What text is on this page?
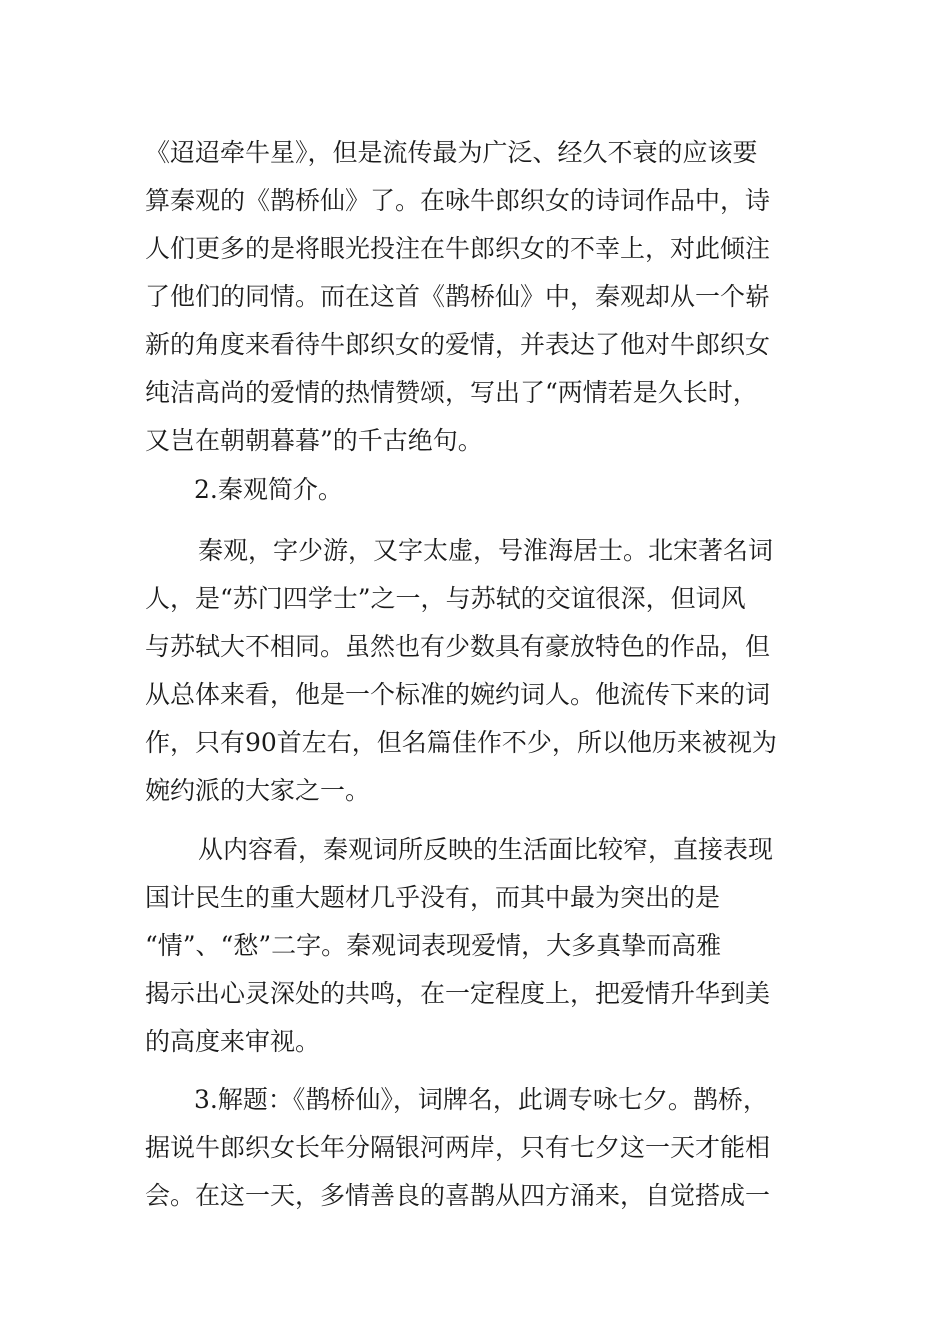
《迢迢牵牛星》，但是流传最为广泛、经久不衰的应该要
算秦观的《鹊桥仙》了。在咏牛郎织女的诗词作品中，诗
人们更多的是将眼光投注在牛郎织女的不幸上，对此倾注
了他们的同情。而在这首《鹊桥仙》中，秦观却从一个崭
新的角度来看待牛郎织女的爱情，并表达了他对牛郎织女
纯洁高尚的爱情的热情赞颂，写出了“两情若是久长时，
又岂在朝朝暮暮”的千古绝句。
2.秦观简介。
秦观，字少游，又字太虚，号淮海居士。北宋著名词
人，是“苏门四学士”之一，与苏轼的交谊很深，但词风
与苏轼大不相同。虽然也有少数具有豪放特色的作品，但
从总体来看，他是一个标准的婉约词人。他流传下来的词
作，只有90首左右，但名篇佳作不少，所以他历来被视为
婉约派的大家之一。
从内容看，秦观词所反映的生活面比较窄，直接表现
国计民生的重大题材几乎没有，而其中最为突出的是
“情”、“愁”二字。秦观词表现爱情，大多真挚而高雅
揭示出心灵深处的共鸣，在一定程度上，把爱情升华到美
的高度来审视。
3.解题：《鹊桥仙》，词牌名，此调专咏七夕。鹊桥，
据说牛郎织女长年分隔银河两岸，只有七夕这一天才能相
会。在这一天，多情善良的喜鹊从四方涌来，自觉搭成一
